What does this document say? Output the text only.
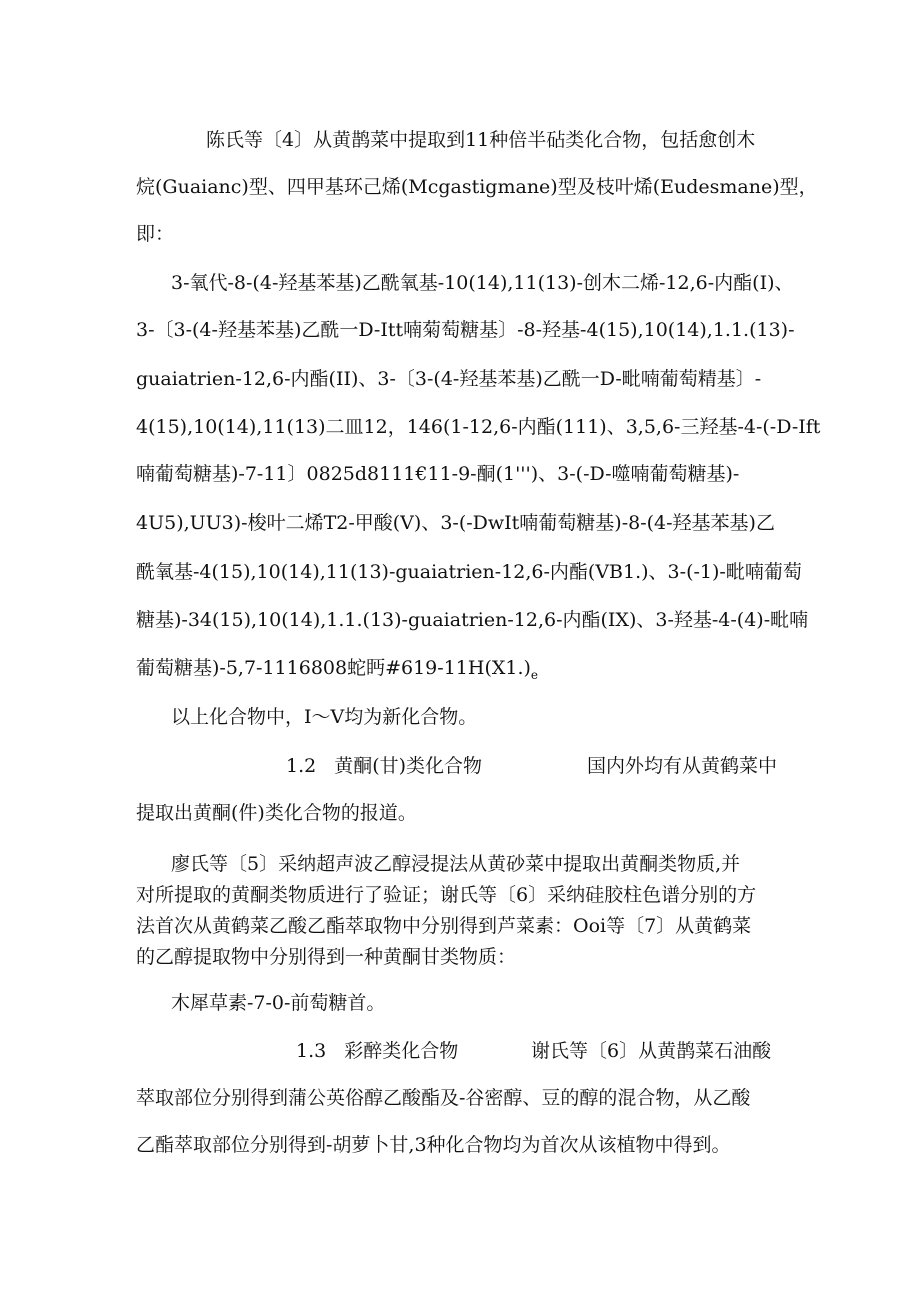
陈氏等〔4〕从黄鹊菜中提取到11种倍半砧类化合物，包括愈创木
烷(Guaianc)型、四甲基环己烯(Mcgastigmane)型及枝叶烯(Eudesmane)型，
即：
3-氧代-8-(4-羟基苯基)乙酰氧基-10(14),11(13)-创木二烯-12,6-内酯(I)、
3-〔3-(4-羟基苯基)乙酰一D-Itt喃菊萄糖基〕-8-羟基-4(15),10(14),1.1.(13)-
guaiatrien-12,6-内酯(II)、3-〔3-(4-羟基苯基)乙酰一D-毗喃葡萄精基〕-
4(15),10(14),11(13)二皿12，146(1-12,6-内酯(111)、3,5,6-三羟基-4-(-D-Ift
喃葡萄糖基)-7-11〕0825d8111€11-9-酮(1''')、3-(-D-噬喃葡萄糖基)-
4U5),UU3)-梭叶二烯T2-甲酸(V)、3-(-DwIt喃葡萄糖基)-8-(4-羟基苯基)乙
酰氧基-4(15),10(14),11(13)-guaiatrien-12,6-内酯(VB1.)、3-(-1)-毗喃葡萄
糖基)-34(15),10(14),1.1.(13)-guaiatrien-12,6-内酯(IX)、3-羟基-4-(4)-毗喃
葡萄糖基)-5,7-1116808蛇眄$\#619-11H(X1.)_e$
以上化合物中，I～V均为新化合物。
1.2 黄酮(甘)类化合物	国内外均有从黄鹤菜中
提取出黄酮(件)类化合物的报道。
廖氏等〔5〕采纳超声波乙醇浸提法从黄砂菜中提取出黄酮类物质,并
对所提取的黄酮类物质进行了验证；谢氏等〔6〕采纳硅胶柱色谱分别的方
法首次从黄鹤菜乙酸乙酯萃取物中分别得到芦菜素：Ooi等〔7〕从黄鹤菜
的乙醇提取物中分别得到一种黄酮甘类物质：
木犀草素-7-0-前萄糖首。
1.3 彩醉类化合物	谢氏等〔6〕从黄鹊菜石油酸
萃取部位分别得到蒲公英俗醇乙酸酯及-谷密醇、豆的醇的混合物，从乙酸
乙酯萃取部位分别得到-胡萝卜甘,3种化合物均为首次从该植物中得到。
